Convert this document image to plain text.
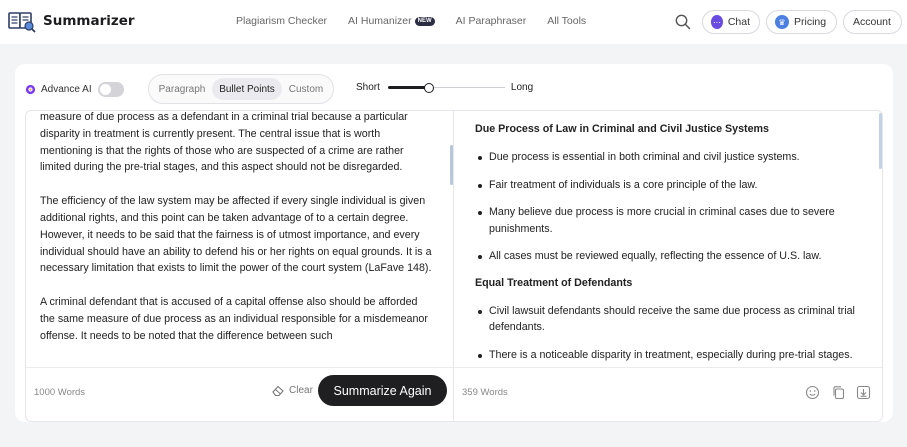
Summarizer	Plagiarism Checker AI Humanizer	NEW AI Paraphraser All Tools	⋯ Chat	♛ Pricing	Account
Advance AI	Paragraph	Bullet Points	Custom	Short	Long

measure of due process as a defendant in a criminal trial because a particular disparity in treatment is currently present. The central issue that is worth mentioning is that the rights of those who are suspected of a crime are rather limited during the pre-trial stages, and this aspect should not be disregarded.

The efficiency of the law system may be affected if every single individual is given additional rights, and this point can be taken advantage of to a certain degree. However, it needs to be said that the fairness is of utmost importance, and every individual should have an ability to defend his or her rights on equal grounds. It is a necessary limitation that exists to limit the power of the court system (LaFave 148).

A criminal defendant that is accused of a capital offense also should be afforded the same measure of due process as an individual responsible for a misdemeanor offense. It needs to be noted that the difference between such

1000 Words	Clear	Summarize Again
Due Process of Law in Criminal and Civil Justice Systems
Due process is essential in both criminal and civil justice systems.
Fair treatment of individuals is a core principle of the law.
Many believe due process is more crucial in criminal cases due to severe punishments.
All cases must be reviewed equally, reflecting the essence of U.S. law.
Equal Treatment of Defendants
Civil lawsuit defendants should receive the same due process as criminal trial defendants.
There is a noticeable disparity in treatment, especially during pre-trial stages.
359 Words
